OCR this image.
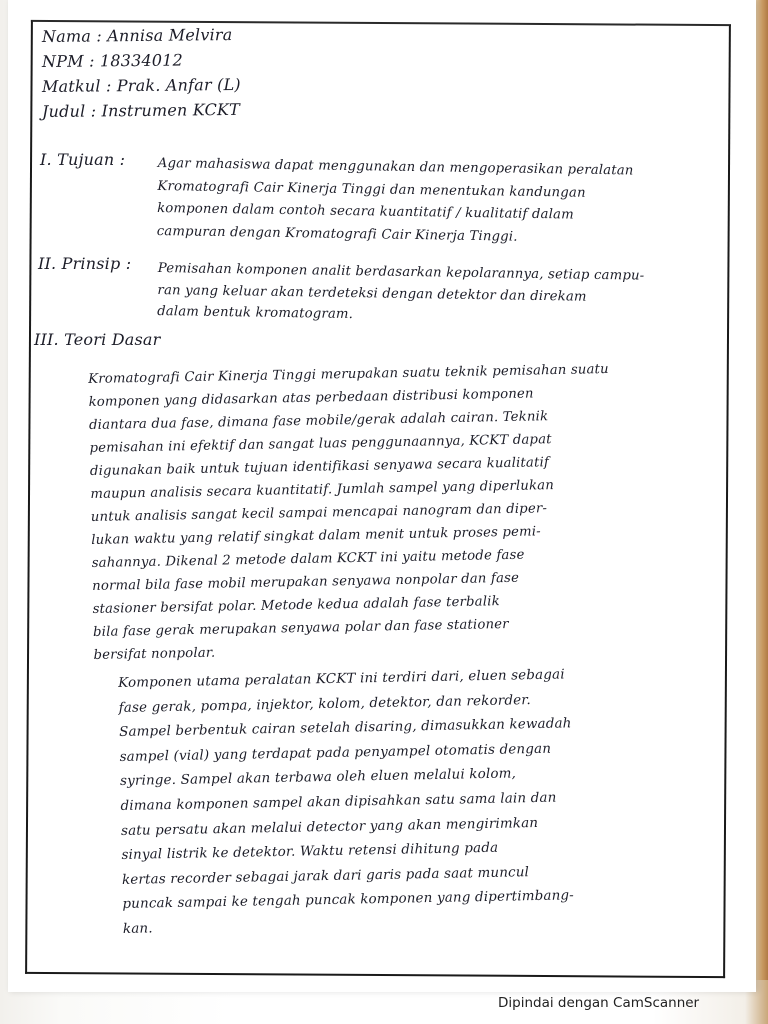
Nama : Annisa Melvira
NPM : 18334012
Matkul : Prak. Anfar (L)
Judul : Instrumen KCKT
I. Tujuan : Agar mahasiswa dapat menggunakan dan mengoperasikan peralatan
Kromatografi Cair Kinerja Tinggi dan menentukan kandungan
komponen dalam contoh secara kuantitatif / kualitatif dalam
campuran dengan Kromatografi Cair Kinerja Tinggi.
II. Prinsip : Pemisahan komponen analit berdasarkan kepolarannya, setiap campu-
ran yang keluar akan terdeteksi dengan detektor dan direkam
dalam bentuk kromatogram.
III. Teori Dasar
Kromatografi Cair Kinerja Tinggi merupakan suatu teknik pemisahan suatu
komponen yang didasarkan atas perbedaan distribusi komponen
diantara dua fase, dimana fase mobile/gerak adalah cairan. Teknik
pemisahan ini efektif dan sangat luas penggunaannya, KCKT dapat
digunakan baik untuk tujuan identifikasi senyawa secara kualitatif
maupun analisis secara kuantitatif. Jumlah sampel yang diperlukan
untuk analisis sangat kecil sampai mencapai nanogram dan diper-
lukan waktu yang relatif singkat dalam menit untuk proses pemi-
sahannya. Dikenal 2 metode dalam KCKT ini yaitu metode fase
normal bila fase mobil merupakan senyawa nonpolar dan fase
stasioner bersifat polar. Metode kedua adalah fase terbalik
bila fase gerak merupakan senyawa polar dan fase stationer
bersifat nonpolar.
Komponen utama peralatan KCKT ini terdiri dari, eluen sebagai
fase gerak, pompa, injektor, kolom, detektor, dan rekorder.
Sampel berbentuk cairan setelah disaring, dimasukkan kewadah
sampel (vial) yang terdapat pada penyampel otomatis dengan
syringe. Sampel akan terbawa oleh eluen melalui kolom,
dimana komponen sampel akan dipisahkan satu sama lain dan
satu persatu akan melalui detector yang akan mengirimkan
sinyal listrik ke detektor. Waktu retensi dihitung pada
kertas recorder sebagai jarak dari garis pada saat muncul
puncak sampai ke tengah puncak komponen yang dipertimbang-
kan.
Dipindai dengan CamScanner
